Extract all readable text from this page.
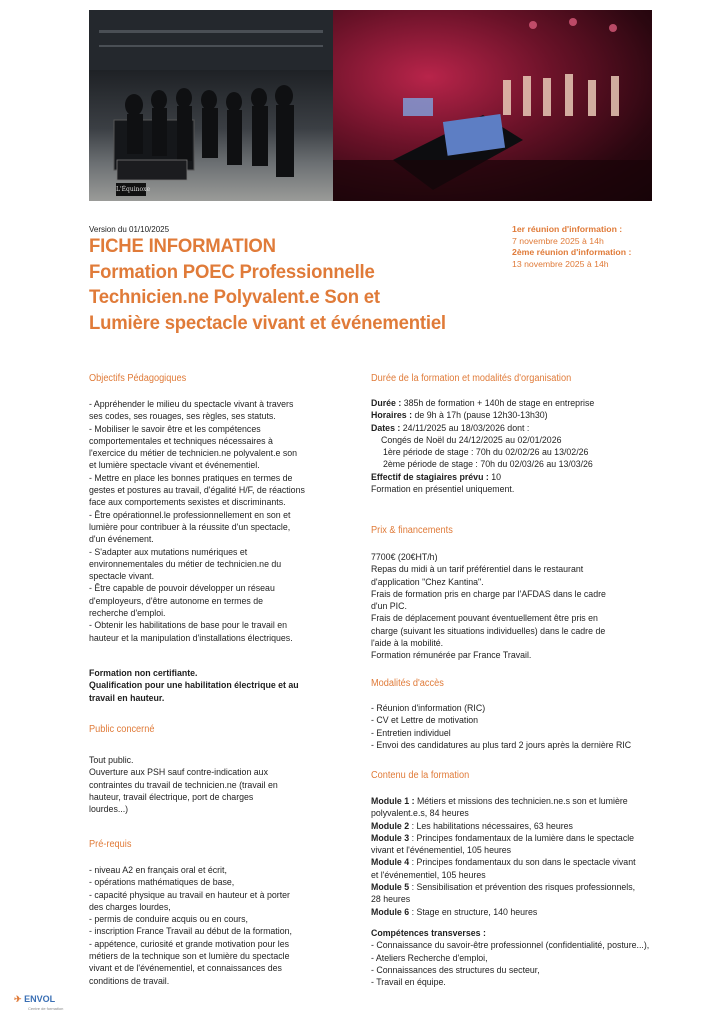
L'Équinoxe
Version du 01/10/2025
FICHE INFORMATION
Formation POEC Professionnelle
Technicien.ne Polyvalent.e Son et
Lumière spectacle vivant et événementiel
1er réunion d'information :
7 novembre 2025 à 14h
2ème réunion d'information :
13 novembre 2025 à 14h
Objectifs Pédagogiques
- Appréhender le milieu du spectacle vivant à travers
ses codes, ses rouages, ses règles, ses statuts.
- Mobiliser le savoir être et les compétences
comportementales et techniques nécessaires à
l'exercice du métier de technicien.ne polyvalent.e son
et lumière spectacle vivant et événementiel.
- Mettre en place les bonnes pratiques en termes de
gestes et postures au travail, d'égalité H/F, de réactions
face aux comportements sexistes et discriminants.
- Être opérationnel.le professionnellement en son et
lumière pour contribuer à la réussite d'un spectacle,
d'un événement.
- S'adapter aux mutations numériques et
environnementales du métier de technicien.ne du
spectacle vivant.
- Être capable de pouvoir développer un réseau
d'employeurs, d'être autonome en termes de
recherche d'emploi.
- Obtenir les habilitations de base pour le travail en
hauteur et la manipulation d'installations électriques.
Formation non certifiante.
Qualification pour une habilitation électrique et au
travail en hauteur.
Public concerné
Tout public.
Ouverture aux PSH sauf contre-indication aux
contraintes du travail de technicien.ne (travail en
hauteur, travail électrique, port de charges
lourdes...)
Pré-requis
- niveau A2 en français oral et écrit,
- opérations mathématiques de base,
- capacité physique au travail en hauteur et à porter
des charges lourdes,
- permis de conduire acquis ou en cours,
- inscription France Travail au début de la formation,
- appétence, curiosité et grande motivation pour les
métiers de la technique son et lumière du spectacle
vivant et de l'événementiel, et connaissances des
conditions de travail.
Durée de la formation et modalités d'organisation
Durée : 385h de formation + 140h de stage en entreprise
Horaires : de 9h à 17h (pause 12h30-13h30)
Dates : 24/11/2025 au 18/03/2026 dont :
Congés de Noël du 24/12/2025 au 02/01/2026
1ère période de stage : 70h du 02/02/26 au 13/02/26
2ème période de stage : 70h du 02/03/26 au 13/03/26
Effectif de stagiaires prévu : 10
Formation en présentiel uniquement.
Prix & financements
7700€ (20€HT/h)
Repas du midi à un tarif préférentiel dans le restaurant
d'application "Chez Kantina".
Frais de formation pris en charge par l'AFDAS dans le cadre
d'un PIC.
Frais de déplacement pouvant éventuellement être pris en
charge (suivant les situations individuelles) dans le cadre de
l'aide à la mobilité.
Formation rémunérée par France Travail.
Modalités d'accès
- Réunion d'information (RIC)
- CV et Lettre de motivation
- Entretien individuel
- Envoi des candidatures au plus tard 2 jours après la dernière RIC
Contenu de la formation
Module 1 : Métiers et missions des technicien.ne.s son et lumière
polyvalent.e.s, 84 heures
Module 2 : Les habilitations nécessaires, 63 heures
Module 3 : Principes fondamentaux de la lumière dans le spectacle
vivant et l'événementiel, 105 heures
Module 4 : Principes fondamentaux du son dans le spectacle vivant
et l'événementiel, 105 heures
Module 5 : Sensibilisation et prévention des risques professionnels,
28 heures
Module 6 : Stage en structure, 140 heures
Compétences transverses :
- Connaissance du savoir-être professionnel (confidentialité, posture...),
- Ateliers Recherche d'emploi,
- Connaissances des structures du secteur,
- Travail en équipe.
✈ ENVOL
Centre de formation
